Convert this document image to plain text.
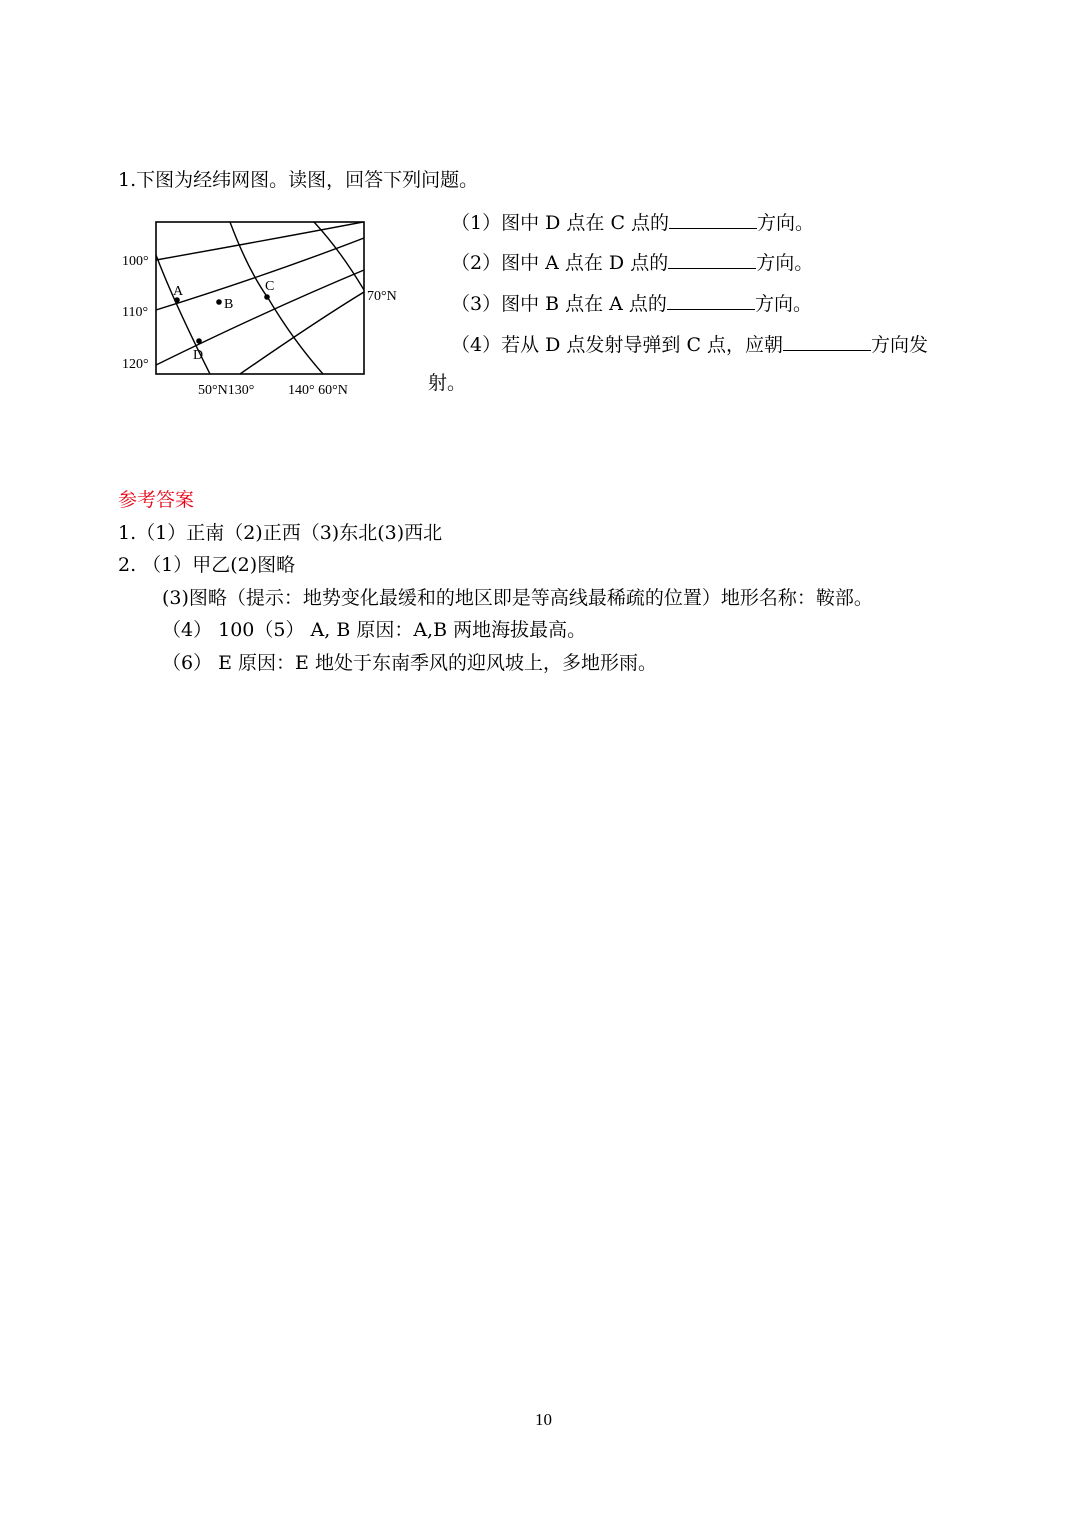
1.下图为经纬网图。读图，回答下列问题。
（1）图中 D 点在 C 点的	方向。
（2）图中 A 点在 D 点的	方向。
（3）图中 B 点在 A 点的	方向。
（4）若从 D 点发射导弹到 C 点，应朝	方向发
射。
A
B
C
D
100°
110°
120°
70°N
50°N130° 140° 60°N
参考答案
1.（1）正南（2)正西（3)东北(3)西北
2. （1）甲乙(2)图略
(3)图略（提示：地势变化最缓和的地区即是等高线最稀疏的位置）地形名称：鞍部。
（4） 100（5） A, B 原因：A,B 两地海拔最高。
（6） E 原因：E 地处于东南季风的迎风坡上，多地形雨。
10
